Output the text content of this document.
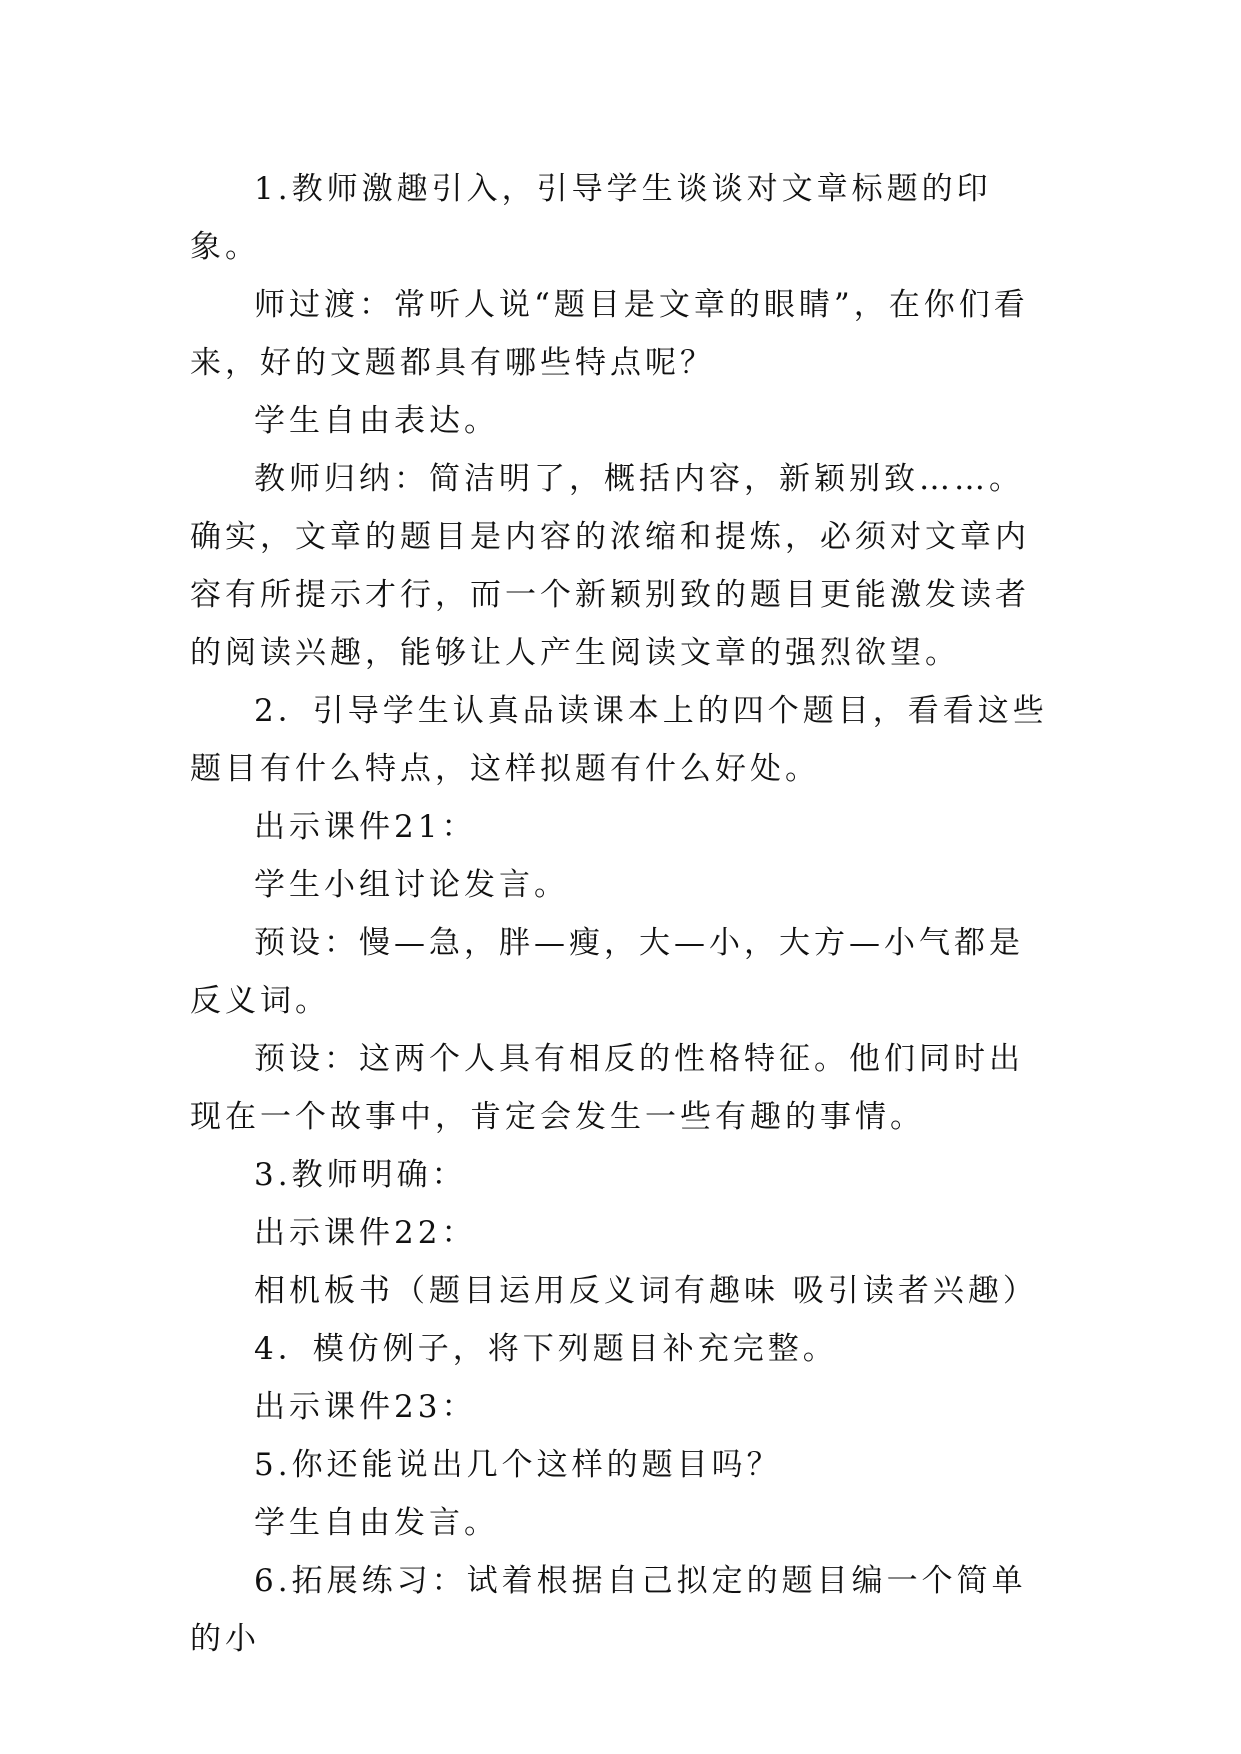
1.教师激趣引入，引导学生谈谈对文章标题的印象。

师过渡：常听人说“题目是文章的眼睛”，在你们看来，好的文题都具有哪些特点呢？

学生自由表达。

教师归纳：简洁明了，概括内容，新颖别致……。确实，文章的题目是内容的浓缩和提炼，必须对文章内容有所提示才行，而一个新颖别致的题目更能激发读者的阅读兴趣，能够让人产生阅读文章的强烈欲望。

2．引导学生认真品读课本上的四个题目，看看这些题目有什么特点，这样拟题有什么好处。

出示课件21：

学生小组讨论发言。

预设：慢—急，胖—瘦，大—小，大方—小气都是反义词。

预设：这两个人具有相反的性格特征。他们同时出现在一个故事中，肯定会发生一些有趣的事情。

3.教师明确：

出示课件22：

相机板书（题目运用反义词有趣味 吸引读者兴趣）

4．模仿例子，将下列题目补充完整。

出示课件23：

5.你还能说出几个这样的题目吗？

学生自由发言。

6.拓展练习：试着根据自己拟定的题目编一个简单的小
